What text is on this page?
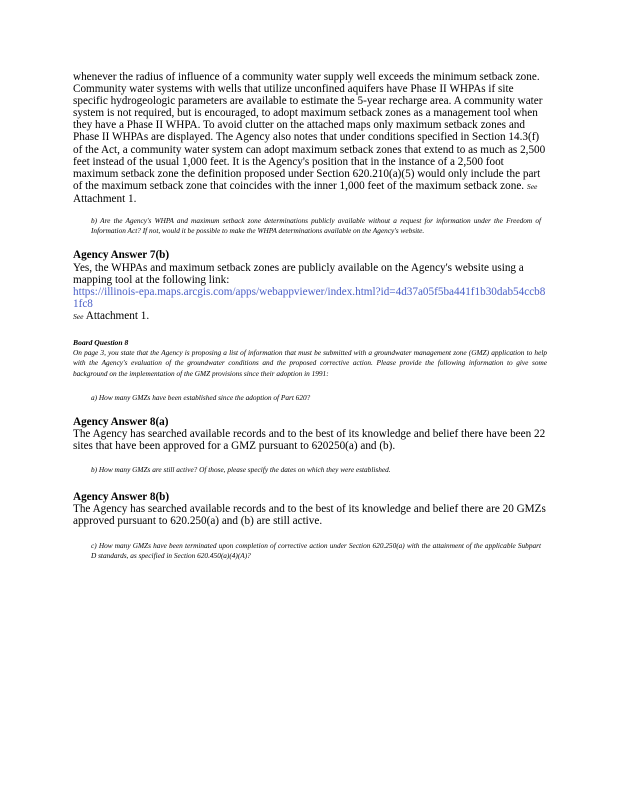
whenever the radius of influence of a community water supply well exceeds the minimum setback zone. Community water systems with wells that utilize unconfined aquifers have Phase II WHPAs if site specific hydrogeologic parameters are available to estimate the 5-year recharge area. A community water system is not required, but is encouraged, to adopt maximum setback zones as a management tool when they have a Phase II WHPA. To avoid clutter on the attached maps only maximum setback zones and Phase II WHPAs are displayed. The Agency also notes that under conditions specified in Section 14.3(f) of the Act, a community water system can adopt maximum setback zones that extend to as much as 2,500 feet instead of the usual 1,000 feet. It is the Agency's position that in the instance of a 2,500 foot maximum setback zone the definition proposed under Section 620.210(a)(5) would only include the part of the maximum setback zone that coincides with the inner 1,000 feet of the maximum setback zone. See Attachment 1.

b) Are the Agency's WHPA and maximum setback zone determinations publicly available without a request for information under the Freedom of Information Act? If not, would it be possible to make the WHPA determinations available on the Agency's website.

Agency Answer 7(b)

Yes, the WHPAs and maximum setback zones are publicly available on the Agency's website using a mapping tool at the following link:

https://illinois-epa.maps.arcgis.com/apps/webappviewer/index.html?id=4d37a05f5ba441f1b30dab54ccb81fc8

See Attachment 1.

Board Question 8

On page 3, you state that the Agency is proposing a list of information that must be submitted with a groundwater management zone (GMZ) application to help with the Agency's evaluation of the groundwater conditions and the proposed corrective action. Please provide the following information to give some background on the implementation of the GMZ provisions since their adoption in 1991:

a) How many GMZs have been established since the adoption of Part 620?

Agency Answer 8(a)

The Agency has searched available records and to the best of its knowledge and belief there have been 22 sites that have been approved for a GMZ pursuant to 620250(a) and (b).

b) How many GMZs are still active? Of those, please specify the dates on which they were established.

Agency Answer 8(b)

The Agency has searched available records and to the best of its knowledge and belief there are 20 GMZs approved pursuant to 620.250(a) and (b) are still active.

c) How many GMZs have been terminated upon completion of corrective action under Section 620.250(a) with the attainment of the applicable Subpart D standards, as specified in Section 620.450(a)(4)(A)?
